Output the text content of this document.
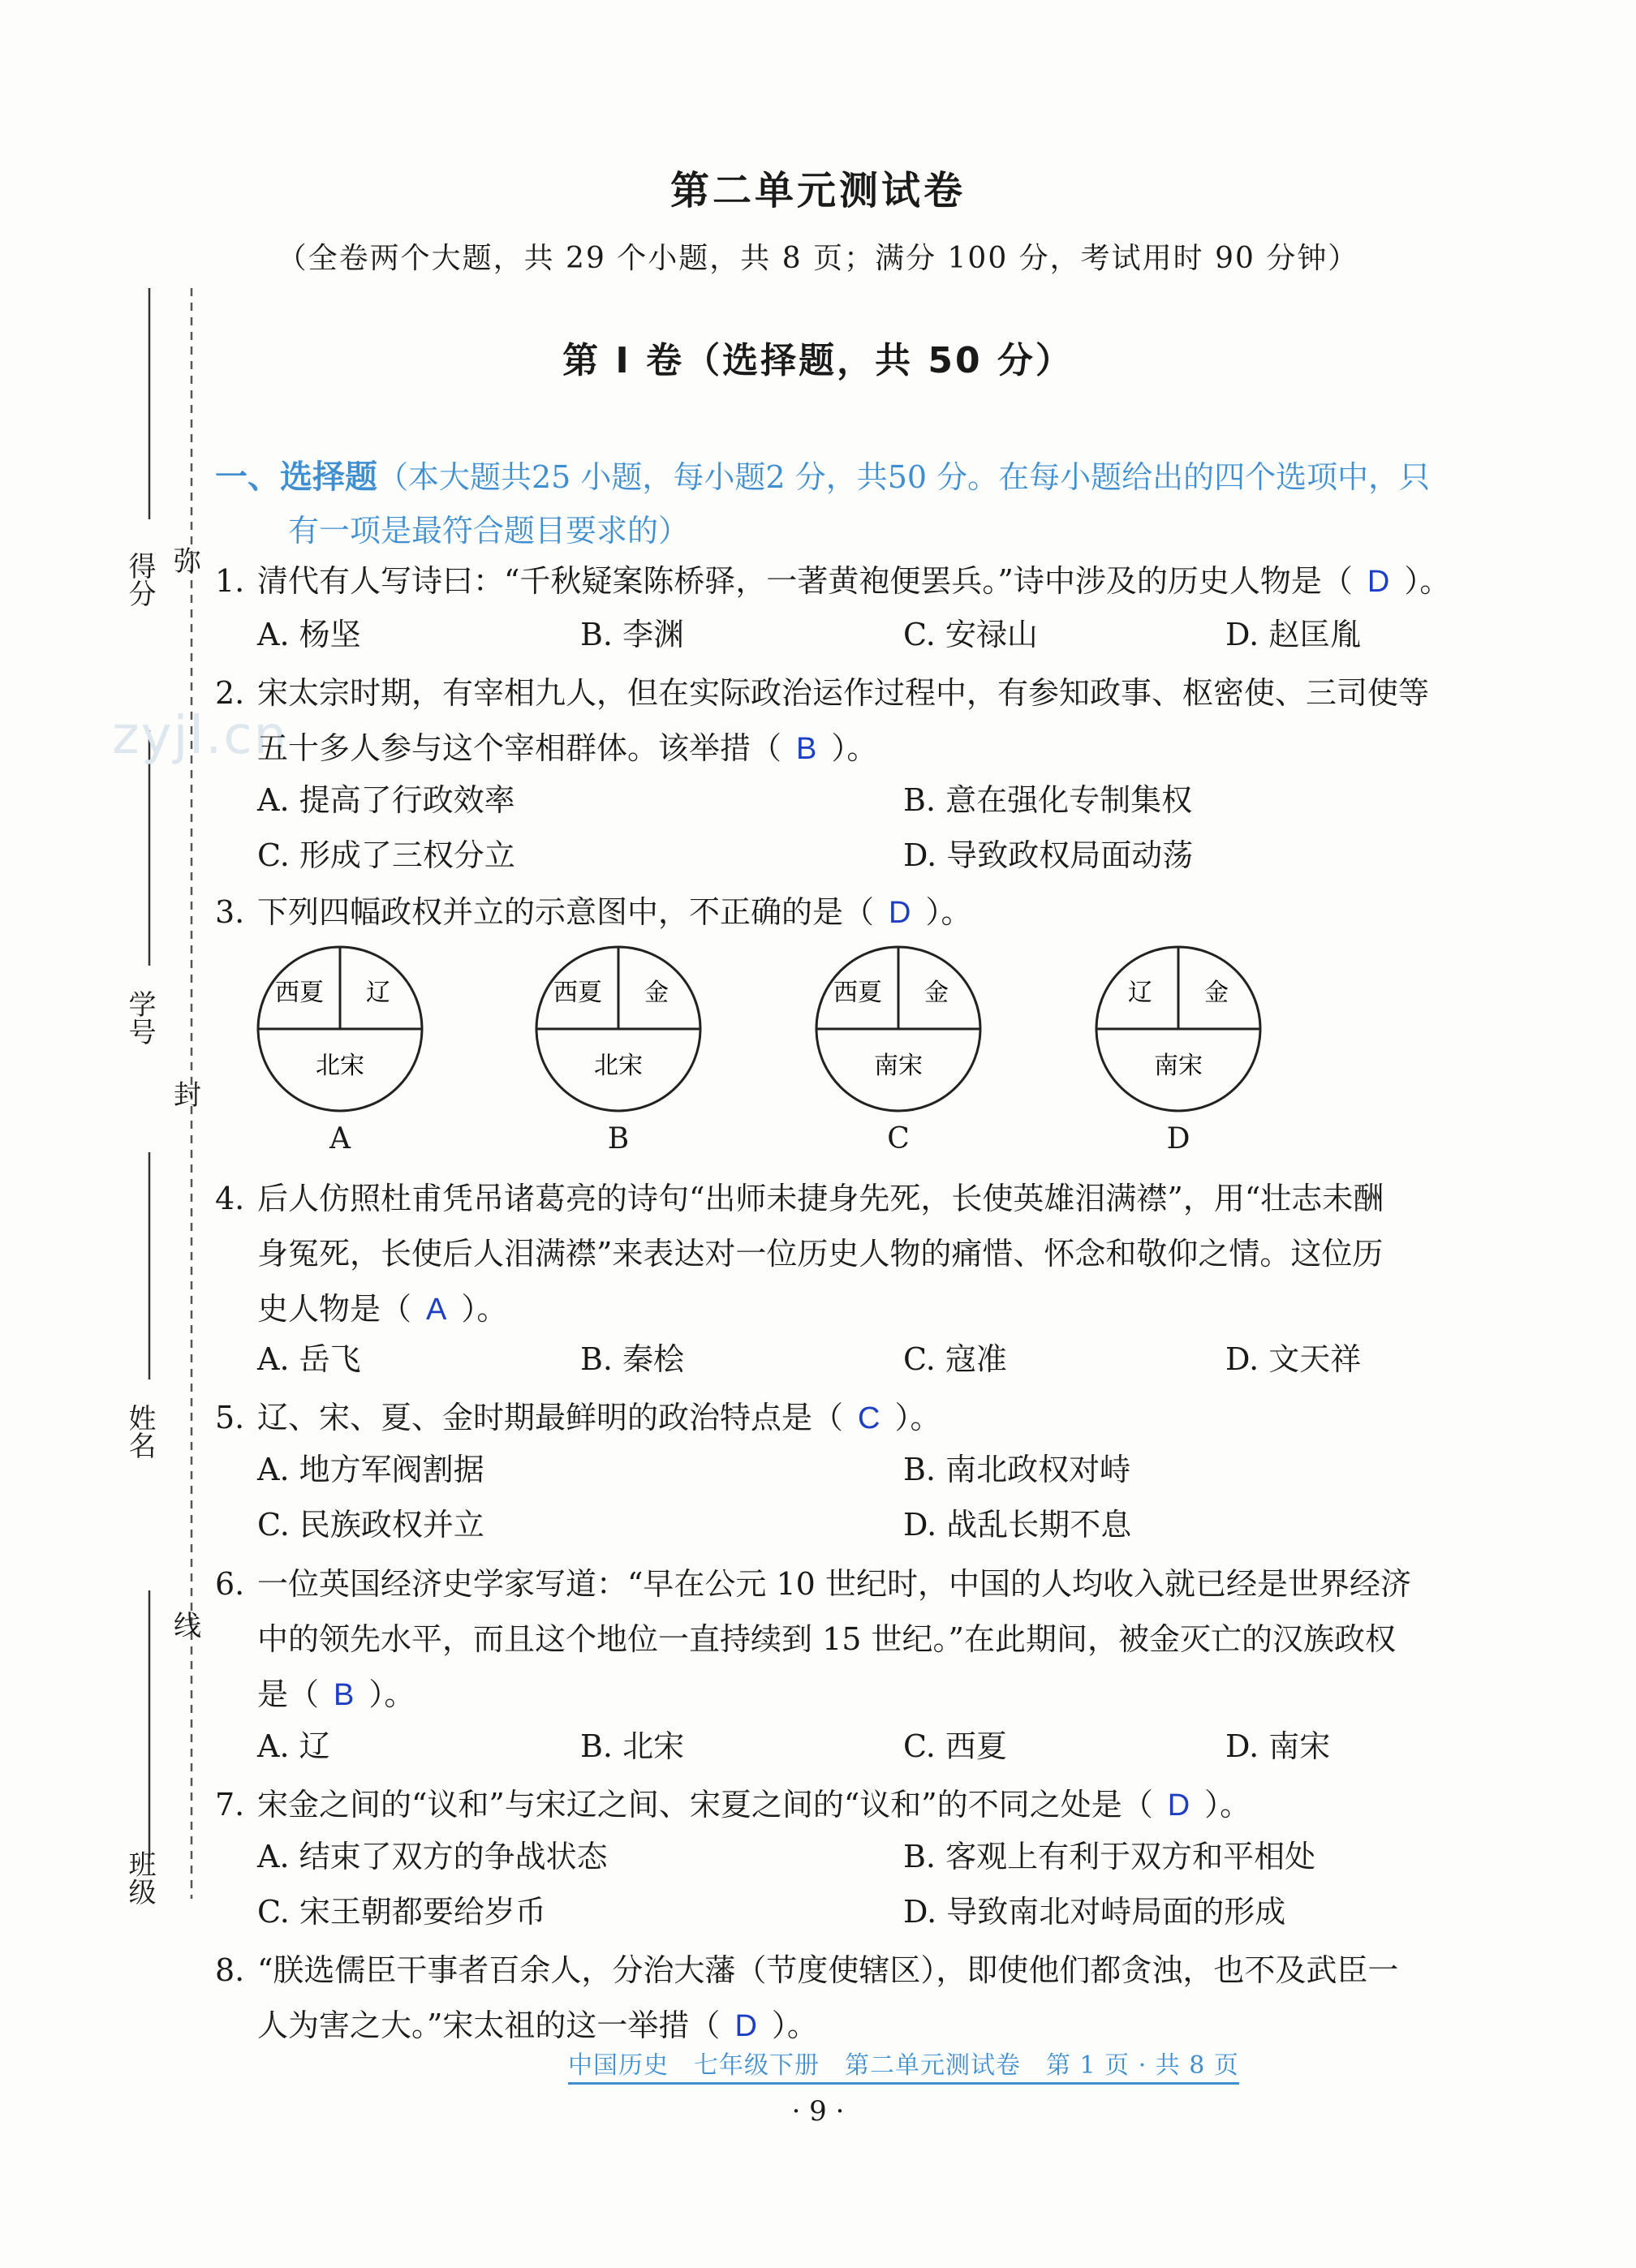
得分
学号
姓名
班级
弥
封
线
zyjl.cn
第二单元测试卷
（全卷两个大题，共 29 个小题，共 8 页；满分 100 分，考试用时 90 分钟）
第 I 卷（选择题，共 50 分）
一、选择题（本大题共25 小题，每小题2 分，共50 分。在每小题给出的四个选项中，只
有一项是最符合题目要求的）
1. 清代有人写诗曰：“千秋疑案陈桥驿，一著黄袍便罢兵。”诗中涉及的历史人物是（ D ）。
A. 杨坚	B. 李渊	C. 安禄山	D. 赵匡胤
2. 宋太宗时期，有宰相九人，但在实际政治运作过程中，有参知政事、枢密使、三司使等
五十多人参与这个宰相群体。该举措（ B ）。
A. 提高了行政效率	B. 意在强化专制集权
C. 形成了三权分立	D. 导致政权局面动荡
3. 下列四幅政权并立的示意图中，不正确的是（ D ）。
西夏 辽
北宋
A
西夏 金
北宋
B
西夏 金
南宋
C
辽 金
南宋
D
4. 后人仿照杜甫凭吊诸葛亮的诗句“出师未捷身先死，长使英雄泪满襟”，用“壮志未酬
身冤死，长使后人泪满襟”来表达对一位历史人物的痛惜、怀念和敬仰之情。这位历
史人物是（ A ）。
A. 岳飞	B. 秦桧	C. 寇准	D. 文天祥
5. 辽、宋、夏、金时期最鲜明的政治特点是（ C ）。
A. 地方军阀割据	B. 南北政权对峙
C. 民族政权并立	D. 战乱长期不息
6. 一位英国经济史学家写道：“早在公元 10 世纪时，中国的人均收入就已经是世界经济
中的领先水平，而且这个地位一直持续到 15 世纪。”在此期间，被金灭亡的汉族政权
是（ B ）。
A. 辽	B. 北宋	C. 西夏	D. 南宋
7. 宋金之间的“议和”与宋辽之间、宋夏之间的“议和”的不同之处是（ D ）。
A. 结束了双方的争战状态	B. 客观上有利于双方和平相处
C. 宋王朝都要给岁币	D. 导致南北对峙局面的形成
8. “朕选儒臣干事者百余人，分治大藩（节度使辖区），即使他们都贪浊，也不及武臣一
人为害之大。”宋太祖的这一举措（ D ）。
中国历史　七年级下册　第二单元测试卷　第 1 页 · 共 8 页
· 9 ·
